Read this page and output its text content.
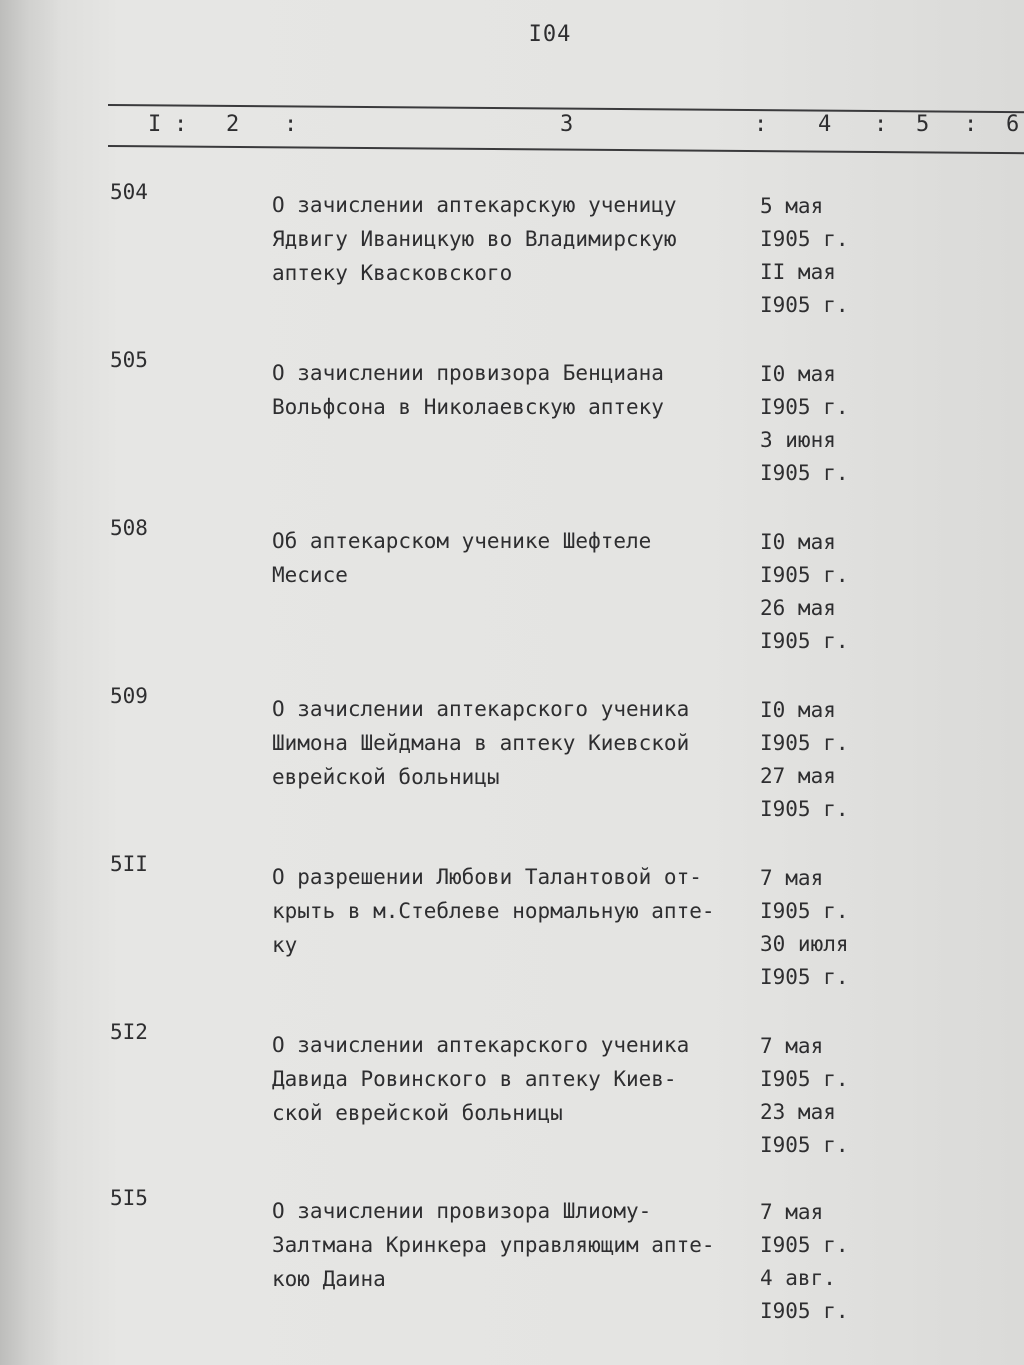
I04
I : 2 :	3	: 4 : 5 : 6
504
О зачислении аптекарскую ученицу
Ядвигу Иваницкую во Владимирскую
аптеку Квасковского
5 мая
I905 г.
II мая
I905 г.
505
О зачислении провизора Бенциана
Вольфсона в Николаевскую аптеку
I0 мая
I905 г.
3 июня
I905 г.
508
Об аптекарском ученике Шефтеле
Месисе
I0 мая
I905 г.
26 мая
I905 г.
509
О зачислении аптекарского ученика
Шимона Шейдмана в аптеку Киевской
еврейской больницы
I0 мая
I905 г.
27 мая
I905 г.
5II
О разрешении Любови Талантовой от-
крыть в м.Стеблеве нормальную апте-
ку
7 мая
I905 г.
30 июля
I905 г.
5I2
О зачислении аптекарского ученика
Давида Ровинского в аптеку Киев-
ской еврейской больницы
7 мая
I905 г.
23 мая
I905 г.
5I5
О зачислении провизора Шлиому-
Залтмана Кринкера управляющим апте-
кою Даина
7 мая
I905 г.
4 авг.
I905 г.
